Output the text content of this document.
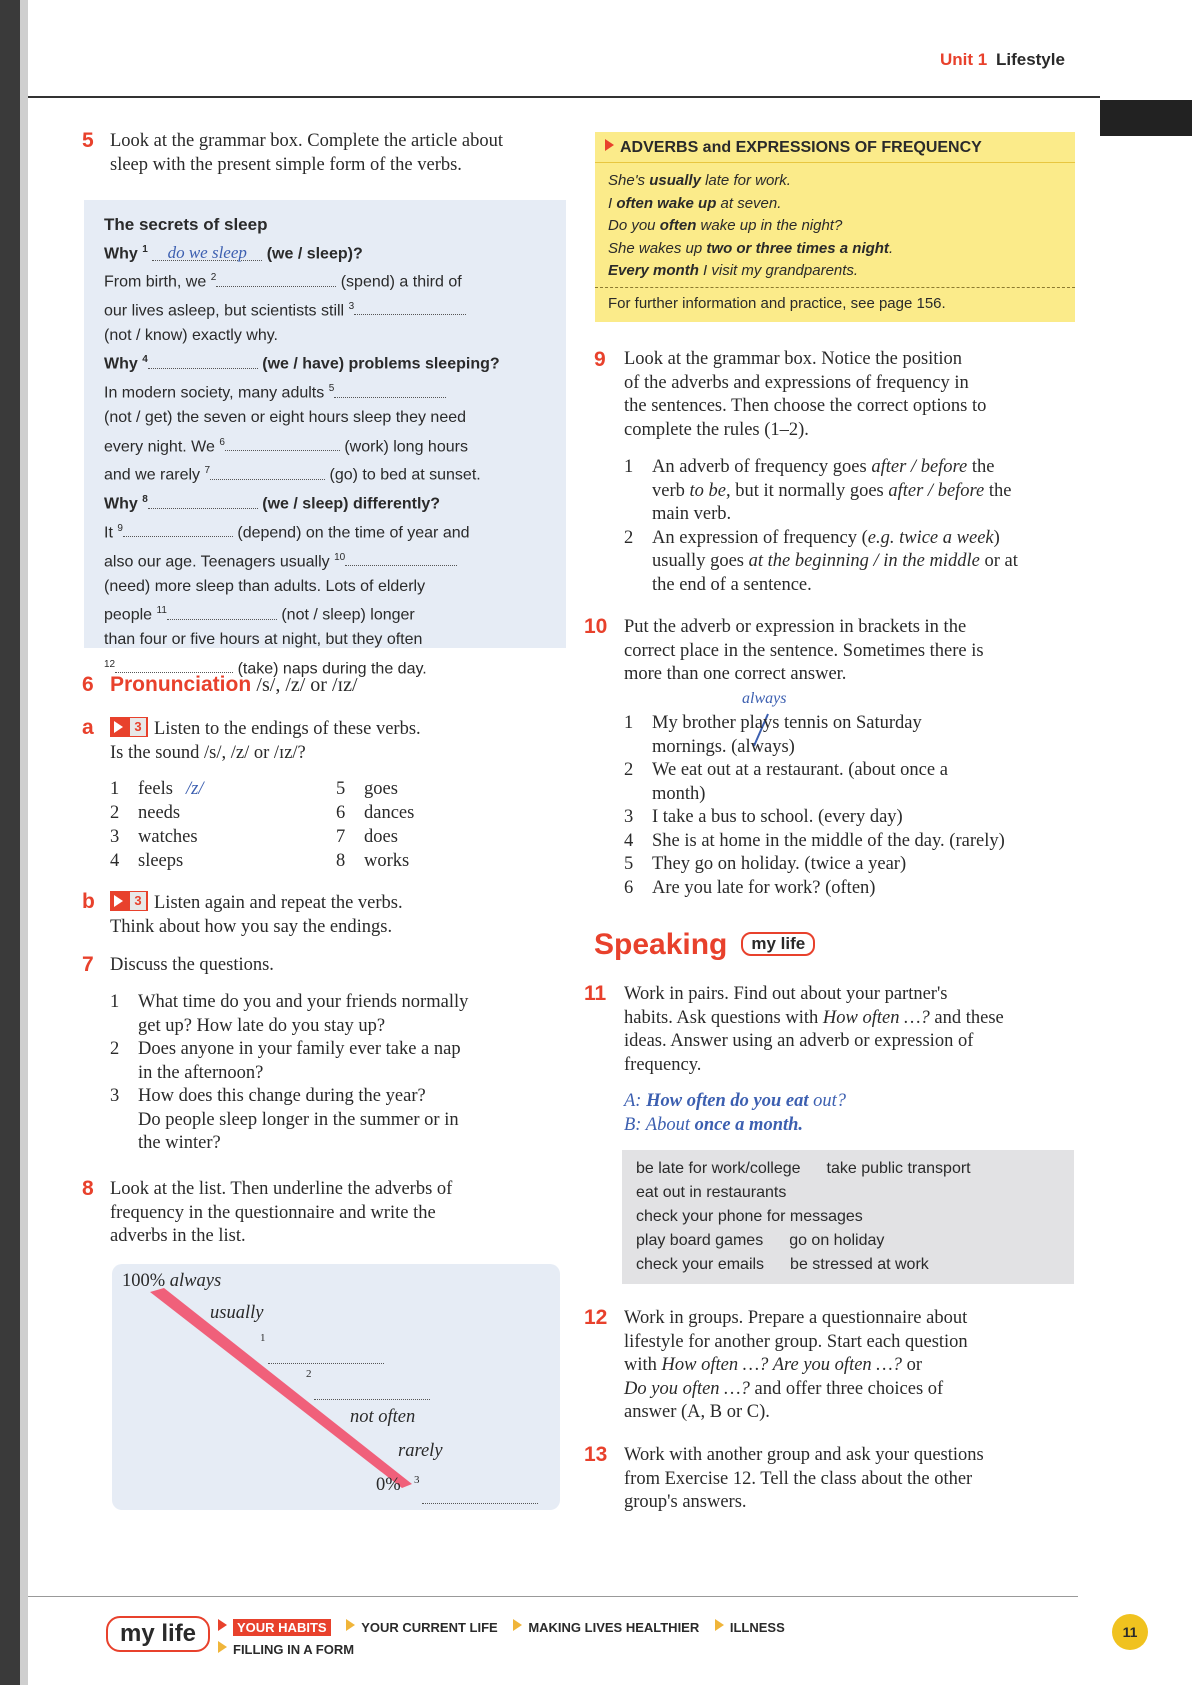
Unit 1 Lifestyle
5 Look at the grammar box. Complete the article about
sleep with the present simple form of the verbs.
The secrets of sleep
Why $^1$ do we sleep (we / sleep)?
From birth, we $^2$	(spend) a third of
our lives asleep, but scientists still $^3$
(not / know) exactly why.
Why $^4$	(we / have) problems sleeping?
In modern society, many adults $^5$
(not / get) the seven or eight hours sleep they need
every night. We $^6$	(work) long hours
and we rarely $^7$	(go) to bed at sunset.
Why $^8$	(we / sleep) differently?
It $^9$	(depend) on the time of year and
also our age. Teenagers usually $^{10}$
(need) more sleep than adults. Lots of elderly
people $^{11}$	(not / sleep) longer
than four or five hours at night, but they often
$^{12}$	(take) naps during the day.
6 Pronunciation /s/, /z/ or /ɪz/
a	3 Listen to the endings of these verbs.
Is the sound /s/, /z/ or /ɪz/?
1 feels /z/
2 needs
3 watches
4 sleeps
5 goes
6 dances
7 does
8 works
b	3 Listen again and repeat the verbs.
Think about how you say the endings.
7 Discuss the questions.
1 What time do you and your friends normally
get up? How late do you stay up?
2 Does anyone in your family ever take a nap
in the afternoon?
3 How does this change during the year?
Do people sleep longer in the summer or in
the winter?
8 Look at the list. Then underline the adverbs of
frequency in the questionnaire and write the
adverbs in the list.
100% always
usually
1
2
not often
rarely
0% 3
ADVERBS and EXPRESSIONS OF FREQUENCY
She's usually late for work.
I often wake up at seven.
Do you often wake up in the night?
She wakes up two or three times a night.
Every month I visit my grandparents.
For further information and practice, see page 156.
9 Look at the grammar box. Notice the position
of the adverbs and expressions of frequency in
the sentences. Then choose the correct options to
complete the rules (1–2).
1 An adverb of frequency goes after / before the
verb to be, but it normally goes after / before the
main verb.
2 An expression of frequency (e.g. twice a week)
usually goes at the beginning / in the middle or at
the end of a sentence.
10 Put the adverb or expression in brackets in the
correct place in the sentence. Sometimes there is
more than one correct answer.
always
1 My brother plays tennis on Saturday
mornings. (always)
2 We eat out at a restaurant. (about once a
month)
3 I take a bus to school. (every day)
4 She is at home in the middle of the day. (rarely)
5 They go on holiday. (twice a year)
6 Are you late for work? (often)
Speaking my life
11 Work in pairs. Find out about your partner's
habits. Ask questions with How often …? and these
ideas. Answer using an adverb or expression of
frequency.
A: How often do you eat out?
B: About once a month.
be late for work/college take public transport
eat out in restaurants
check your phone for messages
play board games go on holiday
check your emails be stressed at work
12 Work in groups. Prepare a questionnaire about
lifestyle for another group. Start each question
with How often …? Are you often …? or
Do you often …? and offer three choices of
answer (A, B or C).
13 Work with another group and ask your questions
from Exercise 12. Tell the class about the other
group's answers.
my life	YOUR HABITS	YOUR CURRENT LIFE MAKING LIVES HEALTHIER ILLNESS
FILLING IN A FORM
11
